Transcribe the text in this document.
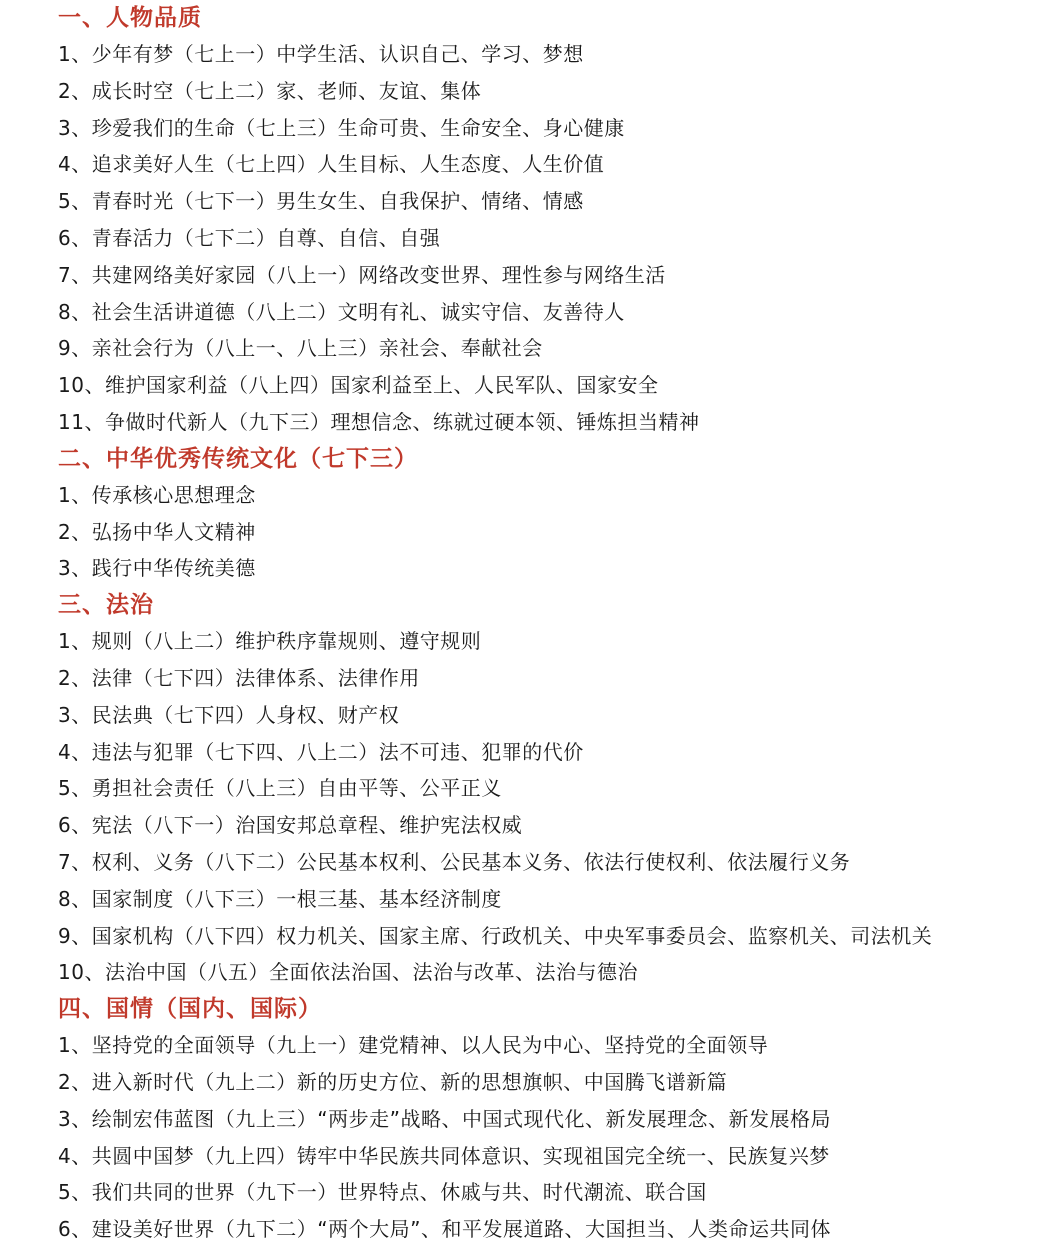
一、人物品质

1、少年有梦（七上一）中学生活、认识自己、学习、梦想

2、成长时空（七上二）家、老师、友谊、集体

3、珍爱我们的生命（七上三）生命可贵、生命安全、身心健康

4、追求美好人生（七上四）人生目标、人生态度、人生价值

5、青春时光（七下一）男生女生、自我保护、情绪、情感

6、青春活力（七下二）自尊、自信、自强

7、共建网络美好家园（八上一）网络改变世界、理性参与网络生活

8、社会生活讲道德（八上二）文明有礼、诚实守信、友善待人

9、亲社会行为（八上一、八上三）亲社会、奉献社会

10、维护国家利益（八上四）国家利益至上、人民军队、国家安全

11、争做时代新人（九下三）理想信念、练就过硬本领、锤炼担当精神

二、中华优秀传统文化（七下三）

1、传承核心思想理念

2、弘扬中华人文精神

3、践行中华传统美德

三、法治

1、规则（八上二）维护秩序靠规则、遵守规则

2、法律（七下四）法律体系、法律作用

3、民法典（七下四）人身权、财产权

4、违法与犯罪（七下四、八上二）法不可违、犯罪的代价

5、勇担社会责任（八上三）自由平等、公平正义

6、宪法（八下一）治国安邦总章程、维护宪法权威

7、权利、义务（八下二）公民基本权利、公民基本义务、依法行使权利、依法履行义务

8、国家制度（八下三）一根三基、基本经济制度

9、国家机构（八下四）权力机关、国家主席、行政机关、中央军事委员会、监察机关、司法机关

10、法治中国（八五）全面依法治国、法治与改革、法治与德治

四、国情（国内、国际）

1、坚持党的全面领导（九上一）建党精神、以人民为中心、坚持党的全面领导

2、进入新时代（九上二）新的历史方位、新的思想旗帜、中国腾飞谱新篇

3、绘制宏伟蓝图（九上三）“两步走”战略、中国式现代化、新发展理念、新发展格局

4、共圆中国梦（九上四）铸牢中华民族共同体意识、实现祖国完全统一、民族复兴梦

5、我们共同的世界（九下一）世界特点、休戚与共、时代潮流、联合国

6、建设美好世界（九下二）“两个大局”、和平发展道路、大国担当、人类命运共同体
